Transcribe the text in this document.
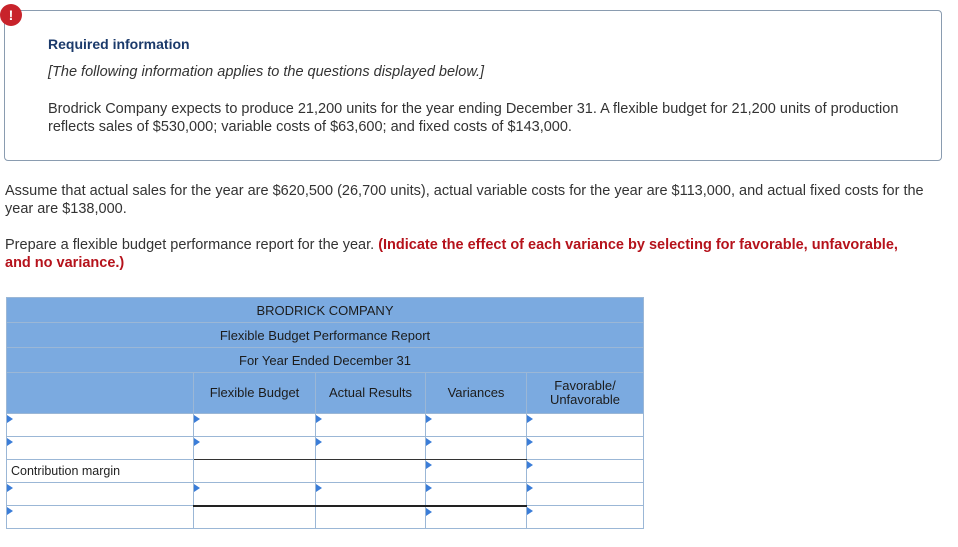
!
Required information
[The following information applies to the questions displayed below.]
Brodrick Company expects to produce 21,200 units for the year ending December 31. A flexible budget for 21,200 units of production reflects sales of $530,000; variable costs of $63,600; and fixed costs of $143,000.
Assume that actual sales for the year are $620,500 (26,700 units), actual variable costs for the year are $113,000, and actual fixed costs for the year are $138,000.
Prepare a flexible budget performance report for the year. (Indicate the effect of each variance by selecting for favorable, unfavorable, and no variance.)
BRODRICK COMPANY				
Flexible Budget Performance Report				
For Year Ended December 31				
	Flexible Budget	Actual Results	Variances	Favorable/ Unfavorable

Contribution margin			
